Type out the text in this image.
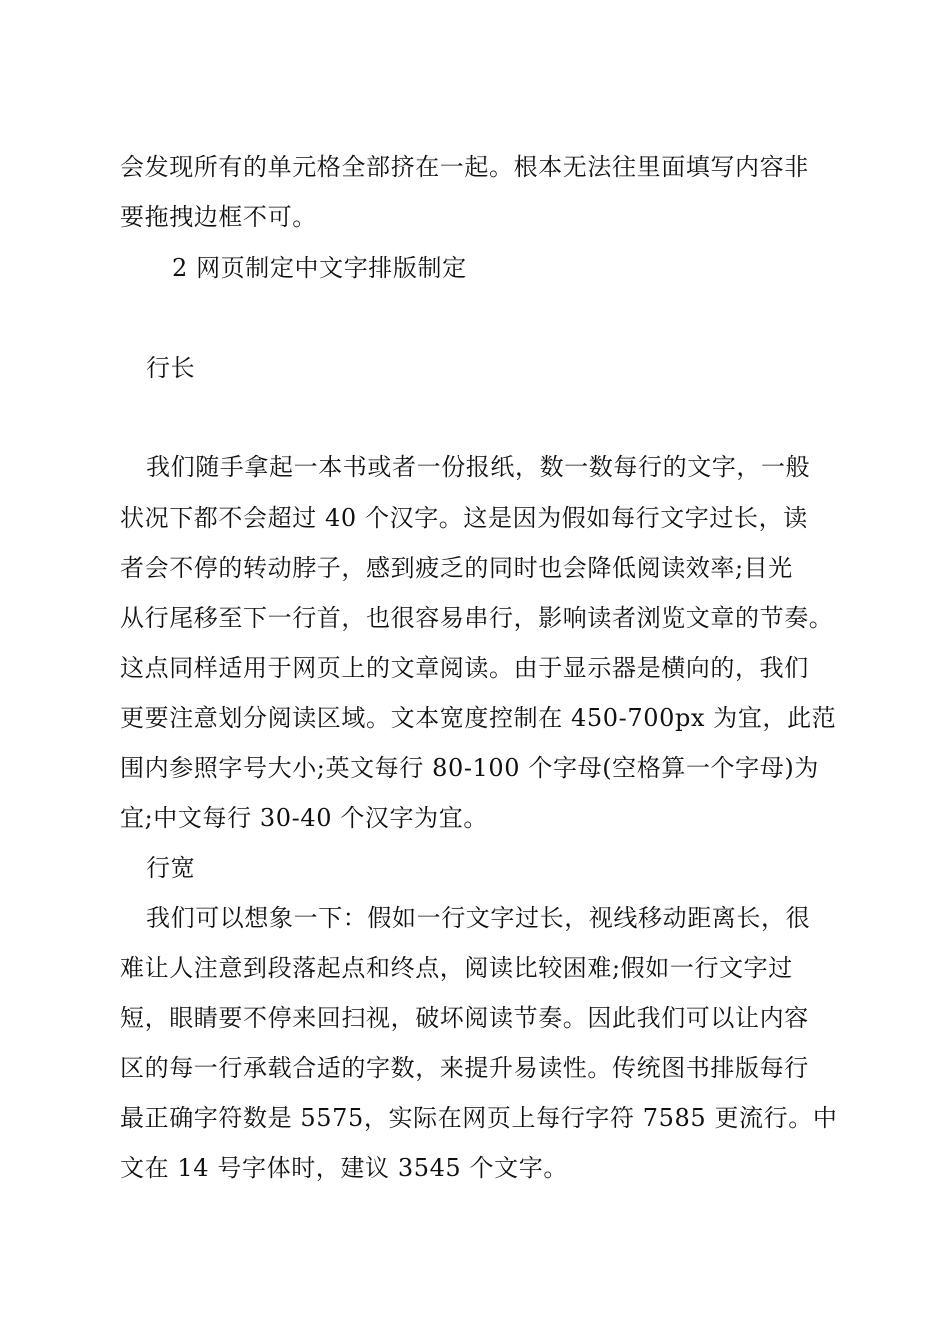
会发现所有的单元格全部挤在一起。根本无法往里面填写内容非
要拖拽边框不可。
2 网页制定中文字排版制定
行长
我们随手拿起一本书或者一份报纸，数一数每行的文字，一般
状况下都不会超过 40 个汉字。这是因为假如每行文字过长，读
者会不停的转动脖子，感到疲乏的同时也会降低阅读效率;目光
从行尾移至下一行首，也很容易串行，影响读者浏览文章的节奏。
这点同样适用于网页上的文章阅读。由于显示器是横向的，我们
更要注意划分阅读区域。文本宽度控制在 450-700px 为宜，此范
围内参照字号大小;英文每行 80-100 个字母(空格算一个字母)为
宜;中文每行 30-40 个汉字为宜。
行宽
我们可以想象一下：假如一行文字过长，视线移动距离长，很
难让人注意到段落起点和终点，阅读比较困难;假如一行文字过
短，眼睛要不停来回扫视，破坏阅读节奏。因此我们可以让内容
区的每一行承载合适的字数，来提升易读性。传统图书排版每行
最正确字符数是 5575，实际在网页上每行字符 7585 更流行。中
文在 14 号字体时，建议 3545 个文字。
